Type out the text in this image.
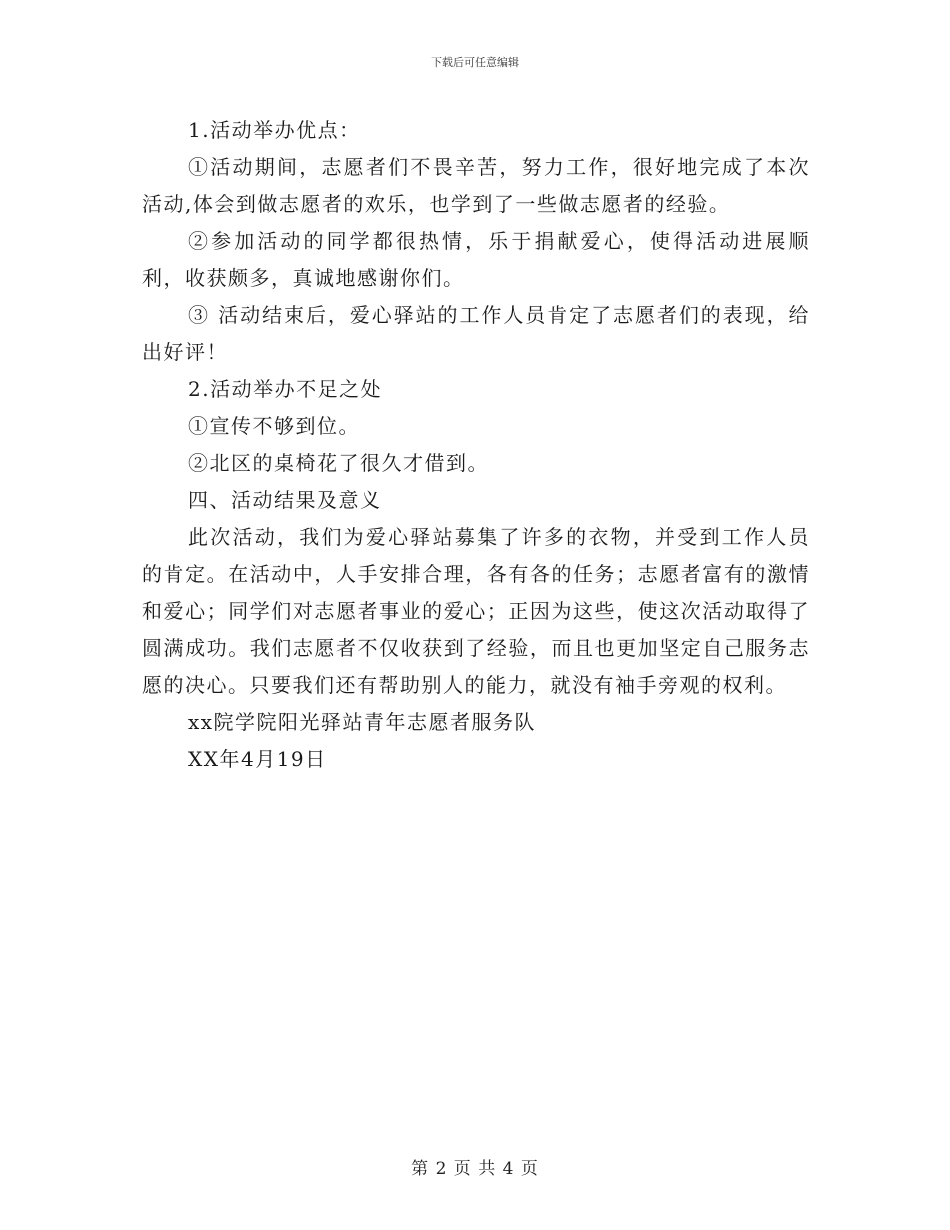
下载后可任意编辑

1.活动举办优点：

①活动期间，志愿者们不畏辛苦，努力工作，很好地完成了本次活动,体会到做志愿者的欢乐，也学到了一些做志愿者的经验。

②参加活动的同学都很热情，乐于捐献爱心，使得活动进展顺利，收获颇多，真诚地感谢你们。

③ 活动结束后，爱心驿站的工作人员肯定了志愿者们的表现，给出好评！

2.活动举办不足之处

①宣传不够到位。

②北区的桌椅花了很久才借到。

四、活动结果及意义

此次活动，我们为爱心驿站募集了许多的衣物，并受到工作人员的肯定。在活动中，人手安排合理，各有各的任务；志愿者富有的激情和爱心；同学们对志愿者事业的爱心；正因为这些，使这次活动取得了圆满成功。我们志愿者不仅收获到了经验，而且也更加坚定自己服务志愿的决心。只要我们还有帮助别人的能力，就没有袖手旁观的权利。

xx院学院阳光驿站青年志愿者服务队

XX年4月19日

第 2 页 共 4 页
